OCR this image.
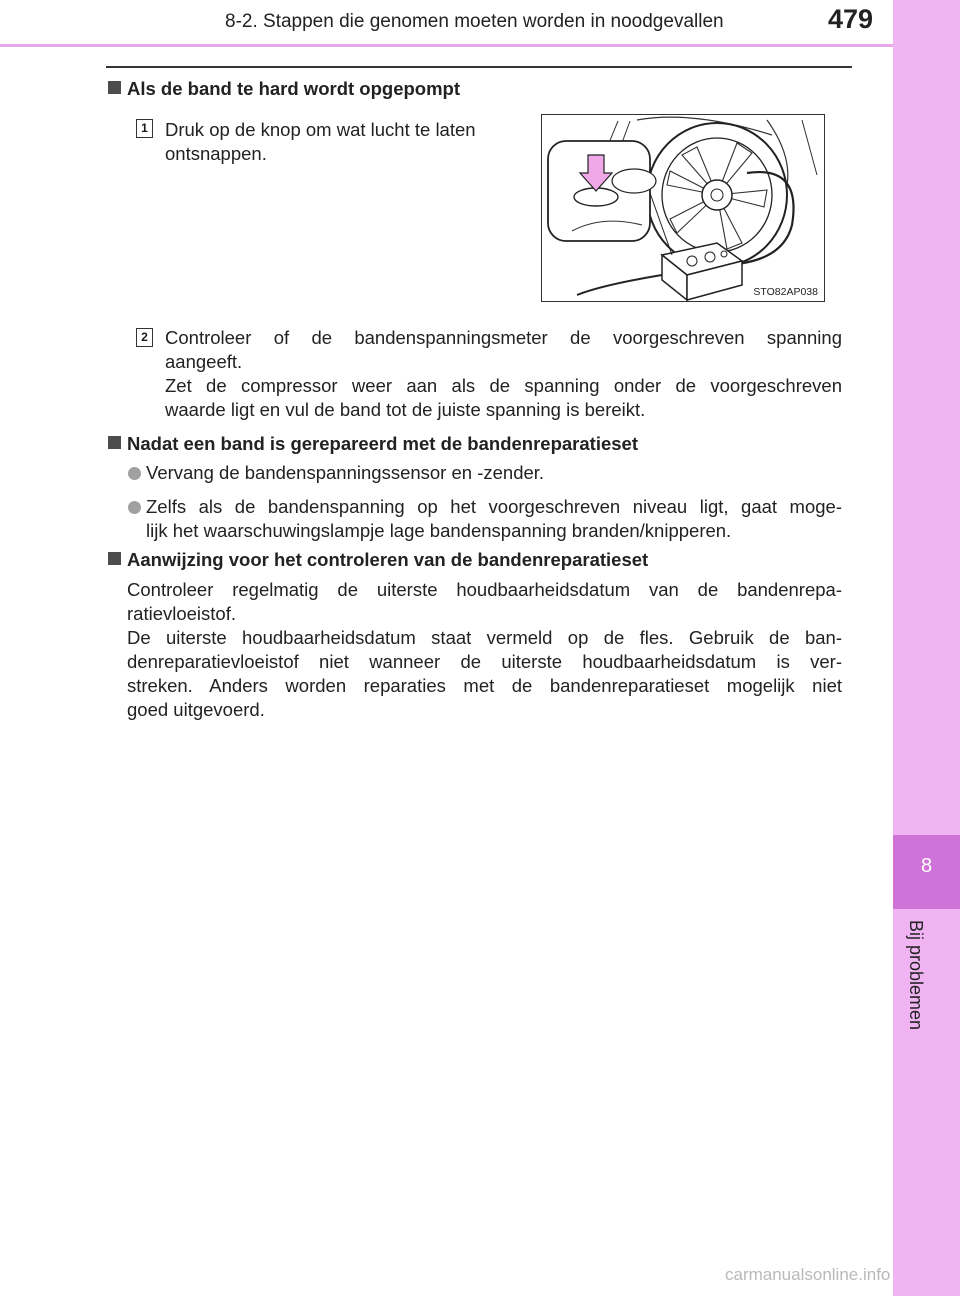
8-2. Stappen die genomen moeten worden in noodgevallen	479
8
Bij problemen
Als de band te hard wordt opgepompt
1 Druk op de knop om wat lucht te laten
ontsnappen.
STO82AP038
2 Controleer of de bandenspanningsmeter de voorgeschreven spanning
aangeeft.
Zet de compressor weer aan als de spanning onder de voorgeschreven
waarde ligt en vul de band tot de juiste spanning is bereikt.
Nadat een band is gerepareerd met de bandenreparatieset
Vervang de bandenspanningssensor en -zender.
Zelfs als de bandenspanning op het voorgeschreven niveau ligt, gaat moge-
lijk het waarschuwingslampje lage bandenspanning branden/knipperen.
Aanwijzing voor het controleren van de bandenreparatieset
Controleer regelmatig de uiterste houdbaarheidsdatum van de bandenrepa-
ratievloeistof.
De uiterste houdbaarheidsdatum staat vermeld op de fles. Gebruik de ban-
denreparatievloeistof niet wanneer de uiterste houdbaarheidsdatum is ver-
streken. Anders worden reparaties met de bandenreparatieset mogelijk niet
goed uitgevoerd.
carmanualsonline.info
